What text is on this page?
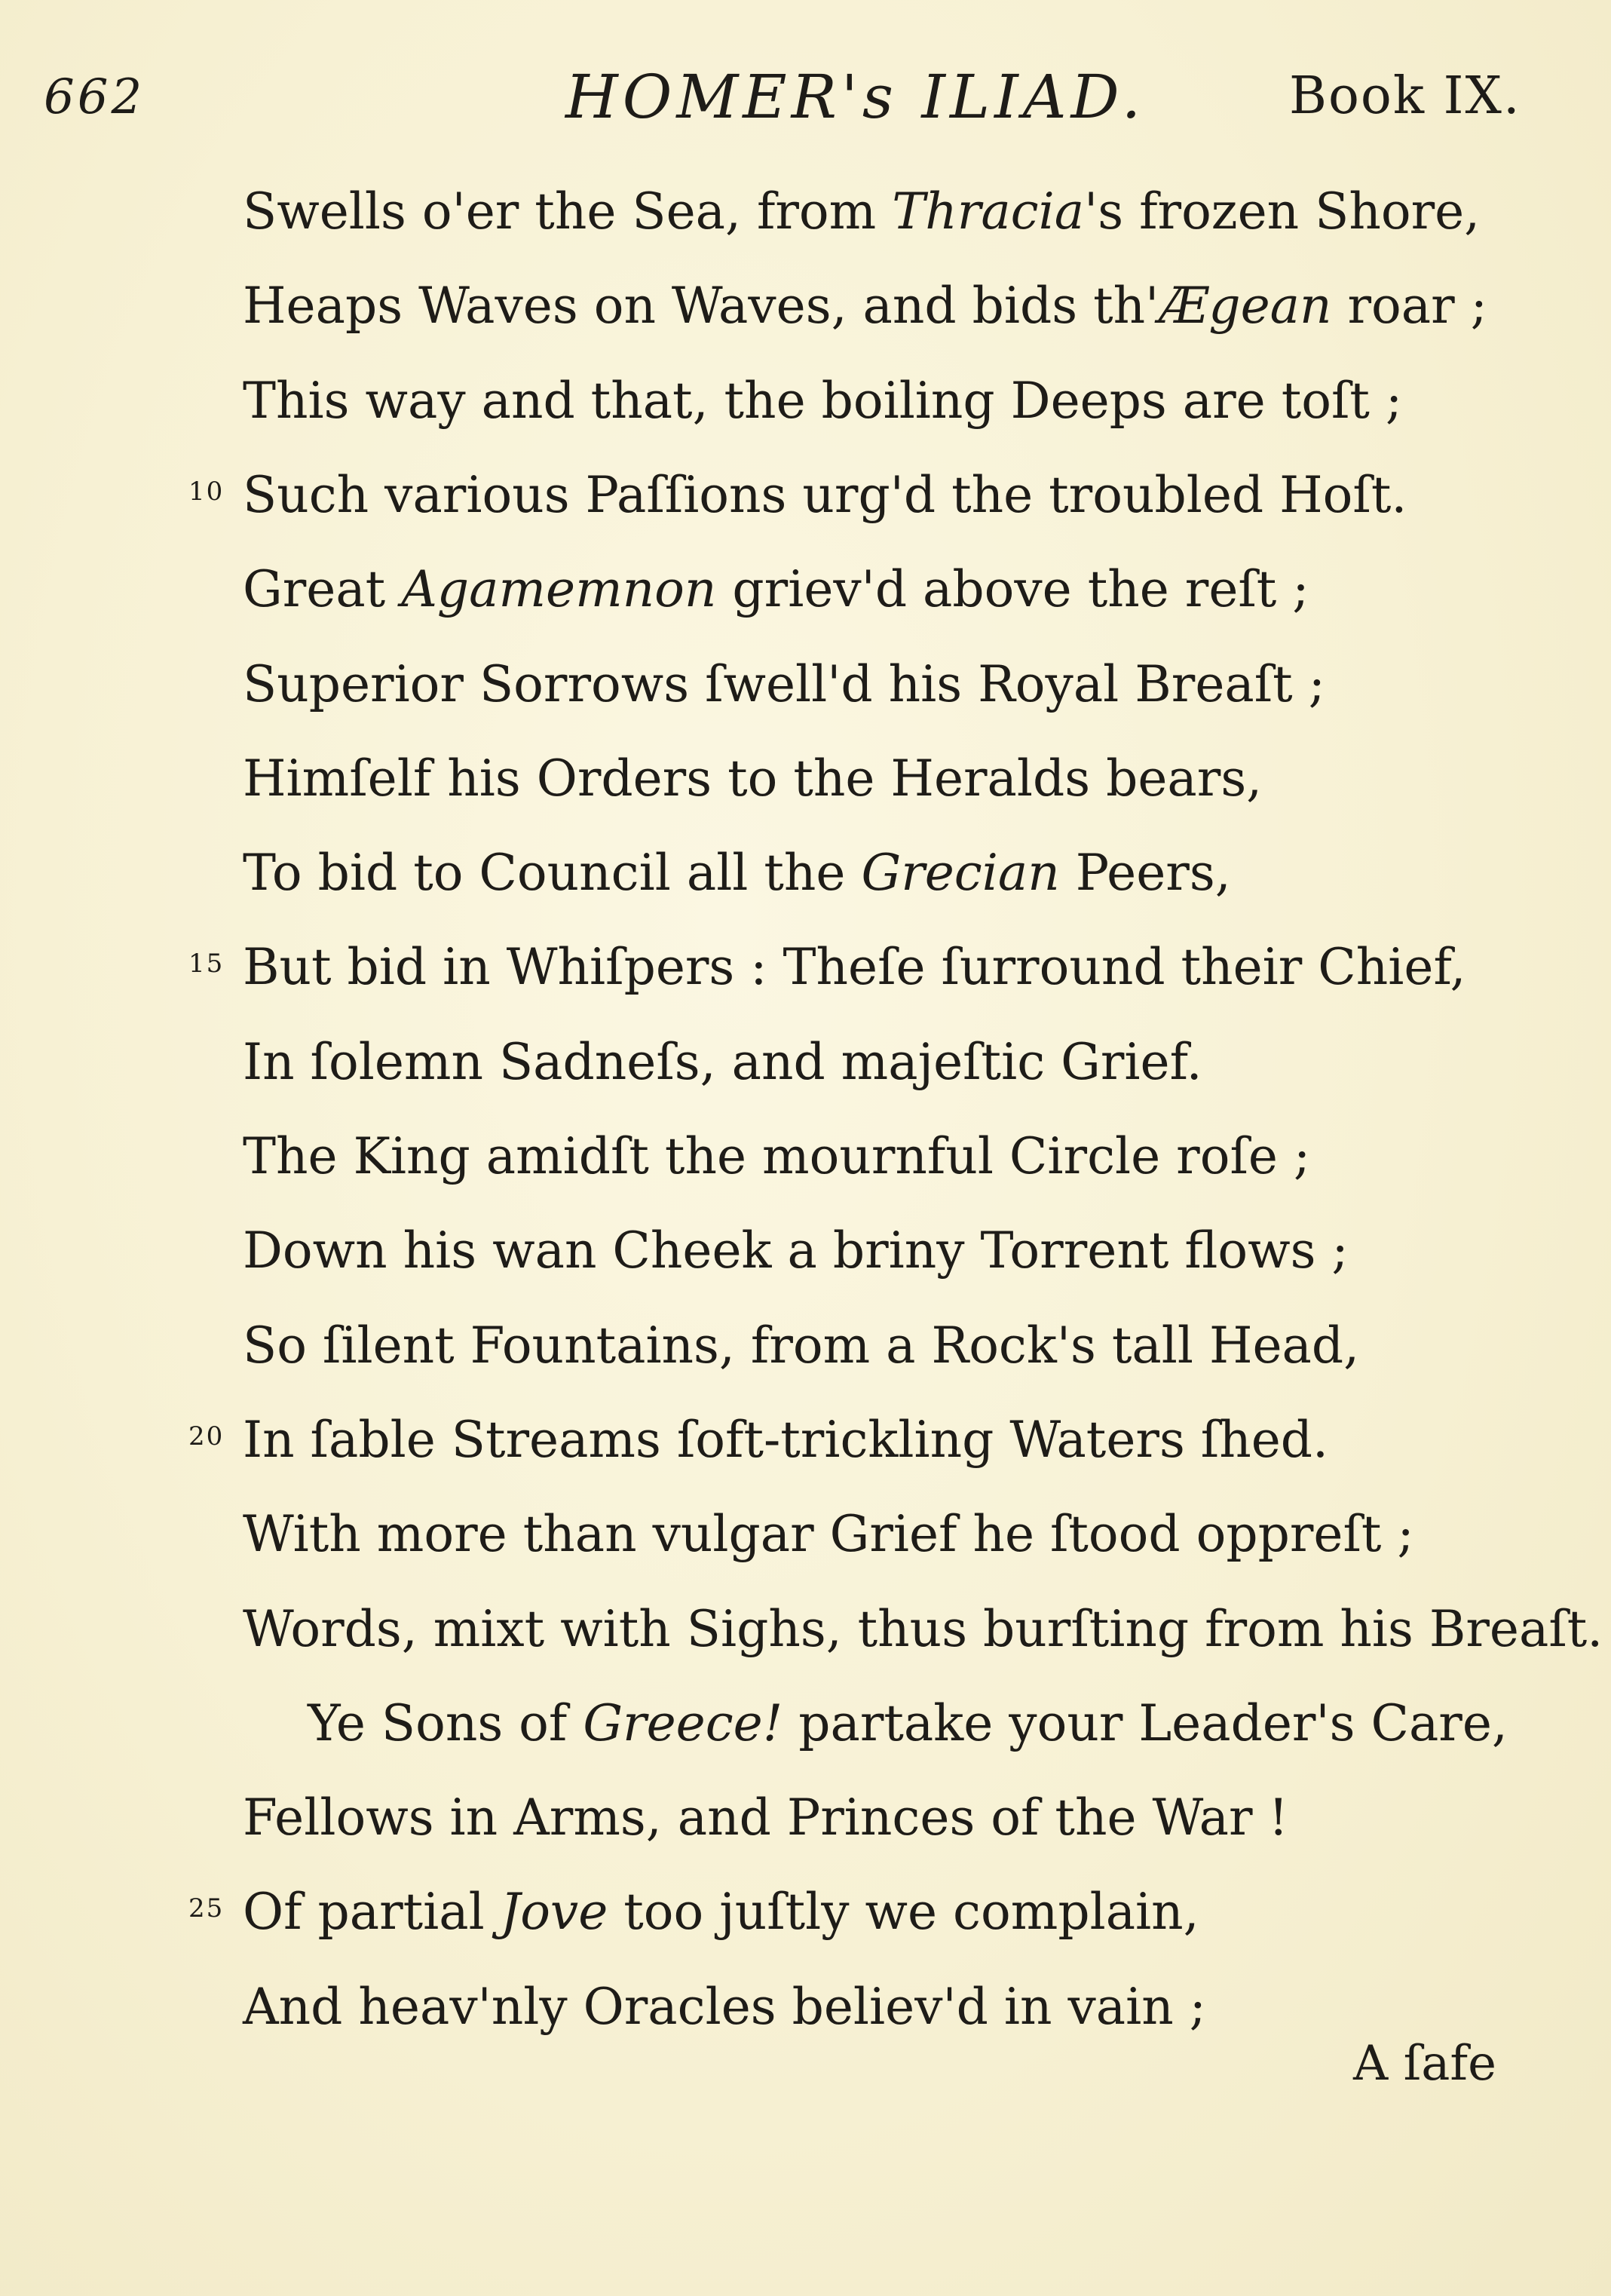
662	HOMER's ILIAD.	Book IX.
Swells o'er the Sea, from Thracia's frozen Shore,
Heaps Waves on Waves, and bids th'Ægean roar ;
This way and that, the boiling Deeps are toſt ;
Such various Paſſions urg'd the troubled Hoſt.
10
Great Agamemnon griev'd above the reſt ;
Superior Sorrows ſwell'd his Royal Breaſt ;
Himſelf his Orders to the Heralds bears,
To bid to Council all the Grecian Peers,
But bid in Whiſpers : Theſe ſurround their Chief,
15
In ſolemn Sadneſs, and majeſtic Grief.
The King amidſt the mournful Circle roſe ;
Down his wan Cheek a briny Torrent flows ;
So ſilent Fountains, from a Rock's tall Head,
In ſable Streams ſoft-trickling Waters ſhed.
20
With more than vulgar Grief he ſtood oppreſt ;
Words, mixt with Sighs, thus burſting from his Breaſt.
Ye Sons of Greece! partake your Leader's Care,
Fellows in Arms, and Princes of the War !
Of partial Jove too juſtly we complain,
25
And heav'nly Oracles believ'd in vain ;
A ſafe
